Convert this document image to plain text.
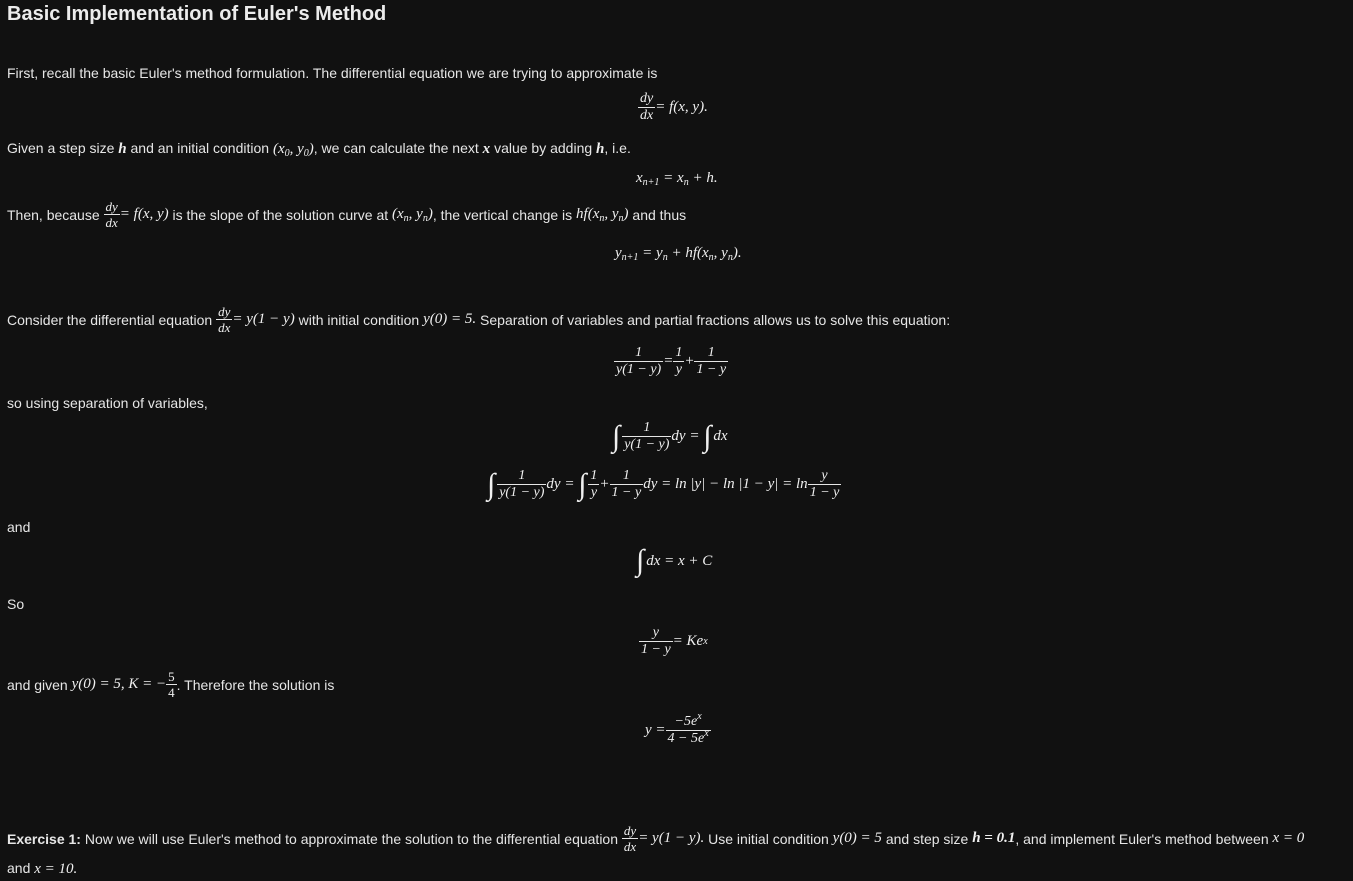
Basic Implementation of Euler's Method
First, recall the basic Euler's method formulation. The differential equation we are trying to approximate is
$\frac{dy}{dx} = f(x$, y).
Given a step size h and an initial condition ($x_0$, $y_0$), we can calculate the next x value by adding h, i.e.
$x_{n+1} = x_n + h$.
Then, because
$\frac{dy}{dx} = f(x$, y)
is the slope of the solution curve at
($x_n$, $y_n$) , the vertical change is
$hf(x_n$, $y_n$)
and thus
$y_{n+1} = y_n + hf(x_n$, $y_n$).
Consider the differential equation
$\frac{dy}{dx} = y(1 - y)$
with initial condition
y(0) = 5.
Separation of variables and partial fractions allows us to solve this equation:
$\frac{1}{y(1 - y)} = \frac{1}{y} + \frac{1}{1 - y}$
so using separation of variables,
∫ $\frac{1}{y(1 - y)}$ dy =
∫ dx
∫ $\frac{1}{y(1 - y)}$ dy =
∫ $\frac{1}{y} + \frac{1}{1 - y}$ dy = $\ln |y| - \ln |1 - y| = \ln \frac{y}{1 - y}$
and
∫ dx = x + C
So
$\frac{y}{1 - y} = Ke$ x
and given
y(0) = 5, K = − $\frac{5}{4}$ . Therefore the solution is
$y = \frac{-5e^x}{4 - 5e^x}$
Exercise 1:
Now we will use Euler's method to approximate the solution to the differential equation
$\frac{dy}{dx} = y(1 - y)$.
Use initial condition
y(0) = 5
and step size
h = 0.1 , and implement Euler's method between
x = 0
and x = 10.
